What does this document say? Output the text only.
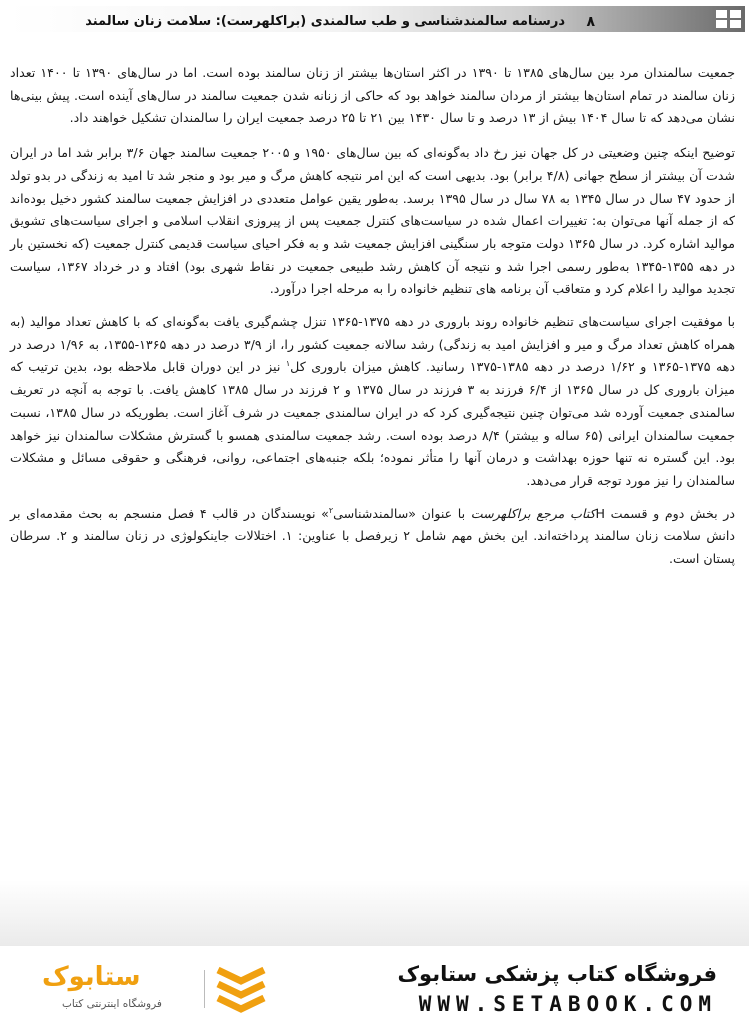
۸
درسنامه سالمندشناسی و طب سالمندی (براکلهرست): سلامت زنان سالمند

جمعیت سالمندان مرد بین سال‌های ۱۳۸۵ تا ۱۳۹۰ در اکثر استان‌ها بیشتر از زنان سالمند بوده است. اما در سال‌های ۱۳۹۰ تا ۱۴۰۰ تعداد زنان سالمند در تمام استان‌ها بیشتر از مردان سالمند خواهد بود که حاکی از زنانه شدن جمعیت سالمند در سال‌های آینده است. پیش بینی‌ها نشان می‌دهد که تا سال ۱۴۰۴ بیش از ۱۳ درصد و تا سال ۱۴۳۰ بین ۲۱ تا ۲۵ درصد جمعیت ایران را سالمندان تشکیل خواهند داد.

توضیح اینکه چنین وضعیتی در کل جهان نیز رخ داد به‌گونه‌ای که بین سال‌های ۱۹۵۰ و ۲۰۰۵ جمعیت سالمند جهان ۳/۶ برابر شد اما در ایران شدت آن بیشتر از سطح جهانی (۴/۸ برابر) بود. بدیهی است که این امر نتیجه کاهش مرگ و میر بود و منجر شد تا امید به زندگی در بدو تولد از حدود ۴۷ سال در سال ۱۳۴۵ به ۷۸ سال در سال ۱۳۹۵ برسد. به‌طور یقین عوامل متعددی در افزایش جمعیت سالمند کشور دخیل بوده‌اند که از جمله آنها می‌توان به: تغییرات اعمال شده در سیاست‌های کنترل جمعیت پس از پیروزی انقلاب اسلامی و اجرای سیاست‌های تشویق موالید اشاره کرد. در سال ۱۳۶۵ دولت متوجه بار سنگینی افزایش جمعیت شد و به فکر احیای سیاست قدیمی کنترل جمعیت (که نخستین بار در دهه ۱۳۵۵-۱۳۴۵ به‌طور رسمی اجرا شد و نتیجه آن کاهش رشد طبیعی جمعیت در نقاط شهری بود) افتاد و در خرداد ۱۳۶۷، سیاست تجدید موالید را اعلام کرد و متعاقب آن برنامه های تنظیم خانواده را به مرحله اجرا درآورد.

با موفقیت اجرای سیاست‌های تنظیم خانواده روند باروری در دهه ۱۳۷۵-۱۳۶۵ تنزل چشم‌گیری یافت به‌گونه‌ای که با کاهش تعداد موالید (به همراه کاهش تعداد مرگ و میر و افزایش امید به زندگی) رشد سالانه جمعیت کشور را، از ۳/۹ درصد در دهه ۱۳۶۵-۱۳۵۵، به ۱/۹۶ درصد در دهه ۱۳۷۵-۱۳۶۵ و ۱/۶۲ درصد در دهه ۱۳۸۵-۱۳۷۵ رسانید. کاهش میزان باروری کل$^۱$ نیز در این دوران قابل ملاحظه بود، بدین ترتیب که میزان باروری کل در سال ۱۳۶۵ از ۶/۴ فرزند به ۳ فرزند در سال ۱۳۷۵ و ۲ فرزند در سال ۱۳۸۵ کاهش یافت. با توجه به آنچه در تعریف سالمندی جمعیت آورده شد می‌توان چنین نتیجه‌گیری کرد که در ایران سالمندی جمعیت در شرف آغاز است. بطوریکه در سال ۱۳۸۵، نسبت جمعیت سالمندان ایرانی (۶۵ ساله و بیشتر) ۸/۴ درصد بوده است. رشد جمعیت سالمندی همسو با گسترش مشکلات سالمندان نیز خواهد بود. این گستره نه تنها حوزه بهداشت و درمان آنها را متأثر نموده؛ بلکه جنبه‌های اجتماعی، روانی، فرهنگی و حقوقی مسائل و مشکلات سالمندان را نیز مورد توجه قرار می‌دهد.

در بخش دوم و قسمت Hکتاب مرجع براکلهرست با عنوان «سالمندشناسی$^۲$» نویسندگان در قالب ۴ فصل منسجم به بحث مقدمه‌ای بر دانش سلامت زنان سالمند پرداخته‌اند. این بخش مهم شامل ۲ زیرفصل با عناوین: ۱. اختلالات جاینکولوژی در زنان سالمند و ۲. سرطان پستان است.

فروشگاه کتاب پزشکی ستابوک
WWW.SETABOOK.COM
ستابوک
فروشگاه اینترنتی کتاب
